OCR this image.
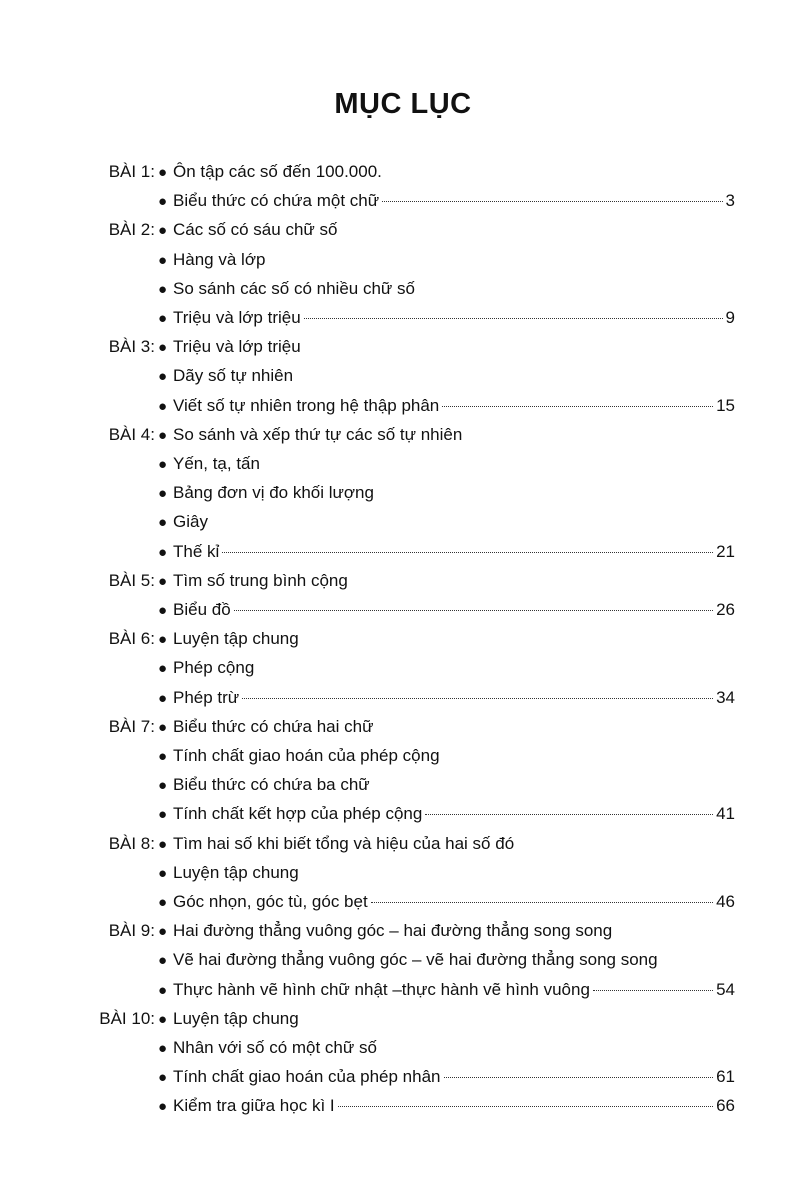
MỤC LỤC
BÀI 1: ● Ôn tập các số đến 100.000.
● Biểu thức có chứa một chữ	3
BÀI 2: ● Các số có sáu chữ số
● Hàng và lớp
● So sánh các số có nhiều chữ số
● Triệu và lớp triệu	9
BÀI 3: ● Triệu và lớp triệu
● Dãy số tự nhiên
● Viết số tự nhiên trong hệ thập phân	15
BÀI 4: ● So sánh và xếp thứ tự các số tự nhiên
● Yến, tạ, tấn
● Bảng đơn vị đo khối lượng
● Giây
● Thế kỉ	21
BÀI 5: ● Tìm số trung bình cộng
● Biểu đồ	26
BÀI 6: ● Luyện tập chung
● Phép cộng
● Phép trừ	34
BÀI 7: ● Biểu thức có chứa hai chữ
● Tính chất giao hoán của phép cộng
● Biểu thức có chứa ba chữ
● Tính chất kết hợp của phép cộng	41
BÀI 8: ● Tìm hai số khi biết tổng và hiệu của hai số đó
● Luyện tập chung
● Góc nhọn, góc tù, góc bẹt	46
BÀI 9: ● Hai đường thẳng vuông góc – hai đường thẳng song song
● Vẽ hai đường thẳng vuông góc – vẽ hai đường thẳng song song
● Thực hành vẽ hình chữ nhật –thực hành vẽ hình vuông	54
BÀI 10: ● Luyện tập chung
● Nhân với số có một chữ số
● Tính chất giao hoán của phép nhân	61
● Kiểm tra giữa học kì I	66
